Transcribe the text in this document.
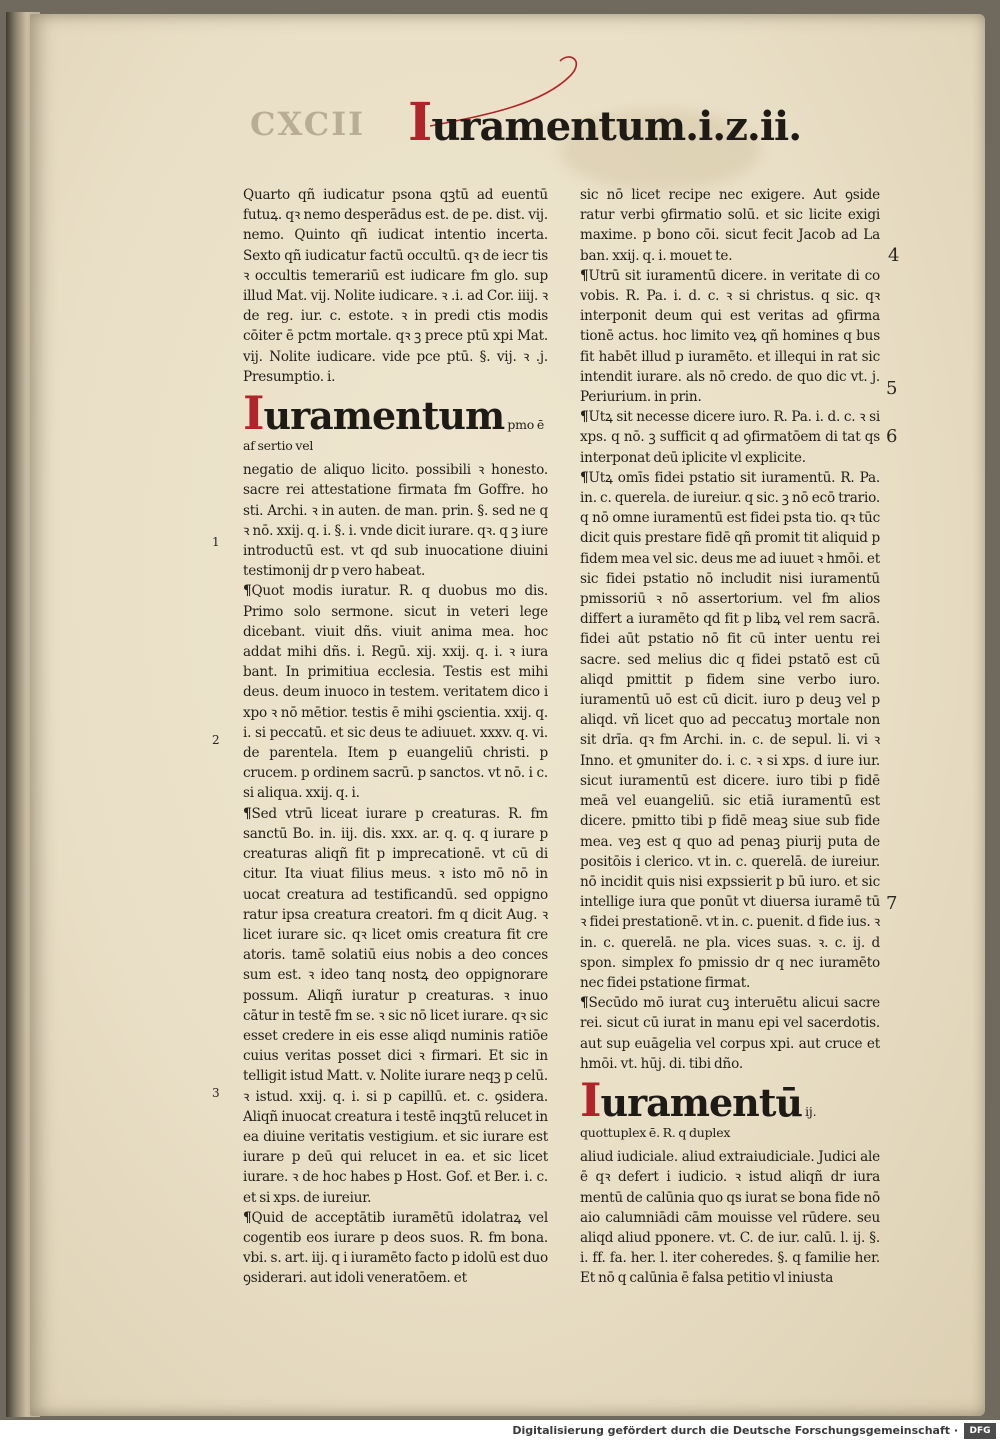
CXCII Iuramentum.i.z.ii.

Quarto qñ iudicatur psona qꝫtū ad euentū futuꝝ. qꝛ nemo desperādus est. de pe. dist. vij. nemo. Quinto qñ iudicat intentio incerta. Sexto qñ iudicatur factū occultū. qꝛ de iecr tis ꝛ occultis temerariū est iudicare fm glo. sup illud Mat. vij. Nolite iudicare. ꝛ .i. ad Cor. iiij. ꝛ de reg. iur. c. estote. ꝛ in predi ctis modis cōiter ē pctm mortale. qꝛ ꝫ prece ptū xpi Mat. vij. Nolite iudicare. vide pce ptū. §. vij. ꝛ .j. Presumptio. i.

Iuramentum pmo ē af sertio vel

negatio de aliquo licito. possibili ꝛ honesto. sacre rei attestatione firmata fm Goffre. ho sti. Archi. ꝛ in auten. de man. prin. §. sed ne q ꝛ nō. xxij. q. i. §. i. vnde dicit iurare. qꝛ. q ꝫ iure introductū est. vt qd sub inuocatione diuini testimonij dr p vero habeat.

¶Quot modis iuratur. R. q duobus mo dis. Primo solo sermone. sicut in veteri lege dicebant. viuit dñs. viuit anima mea. hoc addat mihi dñs. i. Regū. xij. xxij. q. i. ꝛ iura bant. In primitiua ecclesia. Testis est mihi deus. deum inuoco in testem. veritatem dico i xpo ꝛ nō mētior. testis ē mihi ꝯscientia. xxij. q. i. si peccatū. et sic deus te adiuuet. xxxv. q. vi. de parentela. Item p euangeliū christi. p crucem. p ordinem sacrū. p sanctos. vt nō. i c. si aliqua. xxij. q. i.

¶Sed vtrū liceat iurare p creaturas. R. fm sanctū Bo. in. iij. dis. xxx. ar. q. q. q iurare p creaturas aliqñ fit p imprecationē. vt cū di citur. Ita viuat filius meus. ꝛ isto mō nō in uocat creatura ad testificandū. sed oppigno ratur ipsa creatura creatori. fm q dicit Aug. ꝛ licet iurare sic. qꝛ licet omis creatura fit cre atoris. tamē solatiū eius nobis a deo conces sum est. ꝛ ideo tanq nostꝝ deo oppignorare possum. Aliqñ iuratur p creaturas. ꝛ inuo cātur in testē fm se. ꝛ sic nō licet iurare. qꝛ sic esset credere in eis esse aliqd numinis ratiōe cuius veritas posset dici ꝛ firmari. Et sic in telligit istud Matt. v. Nolite iurare neqꝫ p celū. ꝛ istud. xxij. q. i. si p capillū. et. c. ꝯsidera. Aliqñ inuocat creatura i testē inqꝫtū relucet in ea diuine veritatis vestigium. et sic iurare est iurare p deū qui relucet in ea. et sic licet iurare. ꝛ de hoc habes p Host. Gof. et Ber. i. c. et si xps. de iureiur.

¶Quid de acceptātib iuramētū idolatraꝝ vel cogentib eos iurare p deos suos. R. fm bona. vbi. s. art. iij. q i iuramēto facto p idolū est duo ꝯsiderari. aut idoli veneratōem. et

sic nō licet recipe nec exigere. Aut ꝯside ratur verbi ꝯfirmatio solū. et sic licite exigi maxime. p bono cōi. sicut fecit Jacob ad La ban. xxij. q. i. mouet te.

¶Utrū sit iuramentū dicere. in veritate di co vobis. R. Pa. i. d. c. ꝛ si christus. q sic. qꝛ interponit deum qui est veritas ad ꝯfirma tionē actus. hoc limito veꝝ qñ homines q bus fit habēt illud p iuramēto. et illequi in rat sic intendit iurare. als nō credo. de quo dic vt. j. Periurium. in prin.

¶Utꝝ sit necesse dicere iuro. R. Pa. i. d. c. ꝛ si xps. q nō. ꝫ sufficit q ad ꝯfirmatōem di tat qs interponat deū iplicite vl explicite.

¶Utꝝ omīs fidei pstatio sit iuramentū. R. Pa. in. c. querela. de iureiur. q sic. ꝫ nō ecō trario. q nō omne iuramentū est fidei psta tio. qꝛ tūc dicit quis prestare fidē qñ promit tit aliquid p fidem mea vel sic. deus me ad iuuet ꝛ hmōi. et sic fidei pstatio nō includit nisi iuramentū pmissoriū ꝛ nō assertorium. vel fm alios differt a iuramēto qd fit p libꝝ vel rem sacrā. fidei aūt pstatio nō fit cū inter uentu rei sacre. sed melius dic q fidei pstatō est cū aliqd pmittit p fidem sine verbo iuro. iuramentū uō est cū dicit. iuro p deuꝫ vel p aliqd. vñ licet quo ad peccatuꝫ mortale non sit drīa. qꝛ fm Archi. in. c. de sepul. li. vi ꝛ Inno. et ꝯmuniter do. i. c. ꝛ si xps. d iure iur. sicut iuramentū est dicere. iuro tibi p fidē meā vel euangeliū. sic etiā iuramentū est dicere. pmitto tibi p fidē meaꝫ siue sub fide mea. veꝫ est q quo ad penaꝫ piurij puta de positōis i clerico. vt in. c. querelā. de iureiur. nō incidit quis nisi expssierit p bū iuro. et sic intellige iura que ponūt vt diuersa iuramē tū ꝛ fidei prestationē. vt in. c. puenit. d fide ius. ꝛ in. c. querelā. ne pla. vices suas. ꝛ. c. ij. d spon. simplex fo pmissio dr q nec iuramēto nec fidei pstatione firmat.

¶Secūdo mō iurat cuꝫ interuētu alicui sacre rei. sicut cū iurat in manu epi vel sacerdotis. aut sup euāgelia vel corpus xpi. aut cruce et hmōi. vt. hūj. di. tibi dño.

Iuramentū ij. quottuplex ē. R. q duplex

aliud iudiciale. aliud extraiudiciale. Judici ale ē qꝛ defert i iudicio. ꝛ istud aliqñ dr iura mentū de calūnia quo qs iurat se bona fide nō aio calumniādi cām mouisse vel rūdere. seu aliqd aliud pponere. vt. C. de iur. calū. l. ij. §. i. ff. fa. her. l. iter coheredes. §. q familie her. Et nō q calūnia ē falsa petitio vl iniusta

1
2
3
4
5
6
7
Digitalisierung gefördert durch die Deutsche Forschungsgemeinschaft ·	DFG
